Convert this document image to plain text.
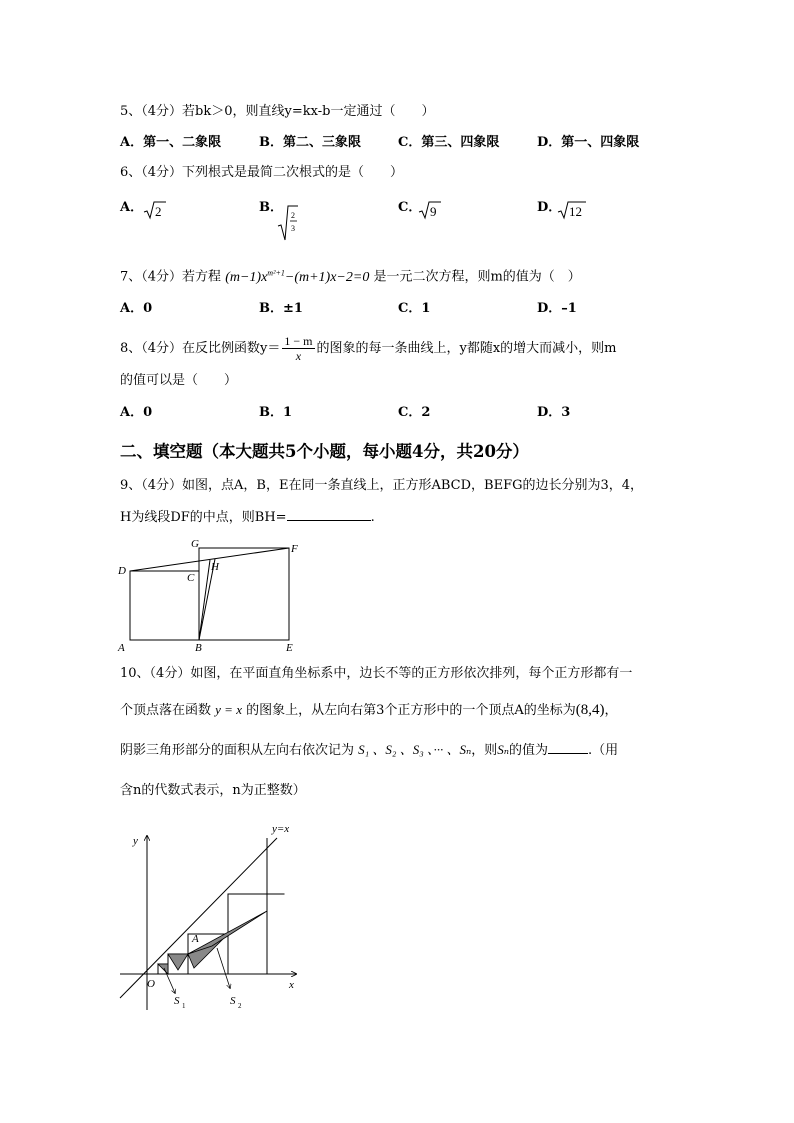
5、（4分）若bk＞0，则直线y=kx-b一定通过（　　）
A．第一、二象限	B．第二、三象限	C．第三、四象限	D．第一、四象限
6、（4分）下列根式是最简二次根式的是（　　）
A． 2	B．
2
3
C． 9	D． 12
7、（4分）若方程 $(m-1)x^{m^2+1}-(m+1)x-2=0$ 是一元二次方程，则m的值为（　）
A．0	B．±1	C．1	D．–1
8、（4分）在反比例函数$y= \frac{1 - m}{x}$ 的图象的每一条曲线上，y都随x的增大而减小，则m
的值可以是（　　）
A．0	B．1	C．2	D．3
二、填空题（本大题共5个小题，每小题4分，共20分）
9、（4分）如图，点A，B，E在同一条直线上，正方形ABCD，BEFG的边长分别为3，4，
H为线段DF的中点，则BH=	.
A	B
C
D
E
F
G
H
10、（4分）如图，在平面直角坐标系中，边长不等的正方形依次排列，每个正方形都有一
个顶点落在函数 y = x 的图象上，从左向右第3个正方形中的一个顶点A的坐标为(8,4)，
阴影三角形部分的面积从左向右依次记为 S₁ 、S₂ 、S₃ 、··· 、Sₙ，则Sₙ的值为	.（用
含n的代数式表示，n为正整数）
y
x
O
A
y=x
S 1	S 2
